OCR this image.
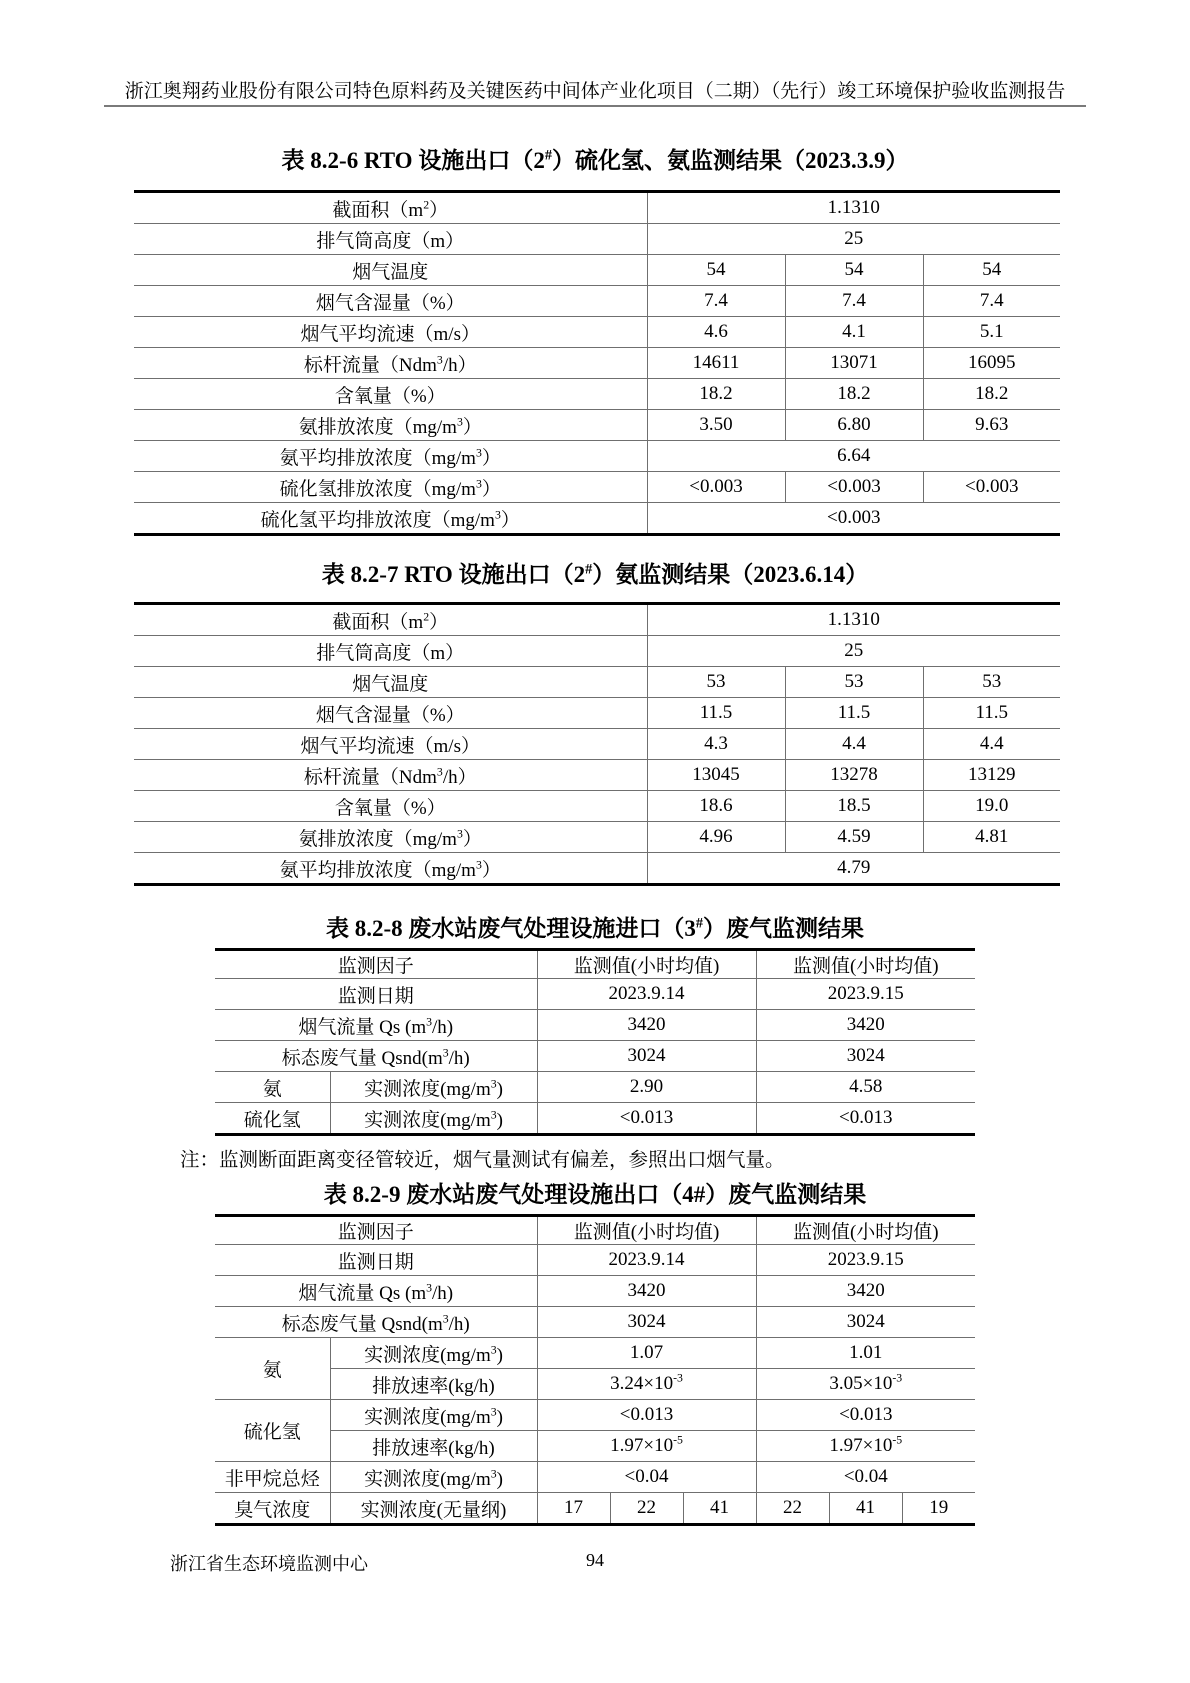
浙江奥翔药业股份有限公司特色原料药及关键医药中间体产业化项目（二期）（先行）竣工环境保护验收监测报告
表 8.2-6 RTO 设施出口（2#）硫化氢、氨监测结果（2023.3.9）
截面积$(m^2)$	1.1310		
排气筒高度（m）	25		
烟气温度	54	54	54
烟气含湿量（%）	7.4	7.4	7.4
烟气平均流速（m/s）	4.6	4.1	5.1
标杆流量（Ndm$^3$/h）	14611	13071	16095
含氧量（%）	18.2	18.2	18.2
氨排放浓度$(mg/m^3)$	3.50	6.80	9.63
氨平均排放浓度$(mg/m^3)$	6.64		
硫化氢排放浓度$(mg/m^3)$	<0.003	<0.003	<0.003
硫化氢平均排放浓度$(mg/m^3)$	<0.003		
表 8.2-7 RTO 设施出口（2#）氨监测结果（2023.6.14）
截面积$(m^2)$	1.1310		
排气筒高度（m）	25		
烟气温度	53	53	53
烟气含湿量（%）	11.5	11.5	11.5
烟气平均流速（m/s）	4.3	4.4	4.4
标杆流量（Ndm$^3$/h）	13045	13278	13129
含氧量（%）	18.6	18.5	19.0
氨排放浓度$(mg/m^3)$	4.96	4.59	4.81
氨平均排放浓度$(mg/m^3)$	4.79		
表 8.2-8 废水站废气处理设施进口（3#）废气监测结果
监测因子		监测值(小时均值)	监测值(小时均值)
监测日期		2023.9.14	2023.9.15
烟气流量 Qs $(m^3/h)$		3420	3420
标态废气量 $Qsnd(m^3/h)$		3024	3024
氨	实测浓度$(mg/m^3)$	2.90	4.58
硫化氢	实测浓度$(mg/m^3)$	<0.013	<0.013
注：监测断面距离变径管较近，烟气量测试有偏差，参照出口烟气量。
表 8.2-9 废水站废气处理设施出口（4#）废气监测结果
监测因子		监测值(小时均值)			监测值(小时均值)		
监测日期		2023.9.14			2023.9.15		
烟气流量 Qs $(m^3/h)$		3420			3420		
标态废气量 $Qsnd(m^3/h)$		3024			3024		
氨	实测浓度$(mg/m^3)$	1.07			1.01		
	排放速率(kg/h)	$3.24\times 10^{-3}$			$3.05\times 10^{-3}$
硫化氢	实测浓度$(mg/m^3)$	<0.013			<0.013		
	排放速率(kg/h)	$1.97\times 10^{-5}$			$1.97\times 10^{-5}$
非甲烷总烃	实测浓度$(mg/m^3)$	<0.04			<0.04		
臭气浓度	实测浓度(无量纲)	17	22	41	22	41	19
浙江省生态环境监测中心	94
